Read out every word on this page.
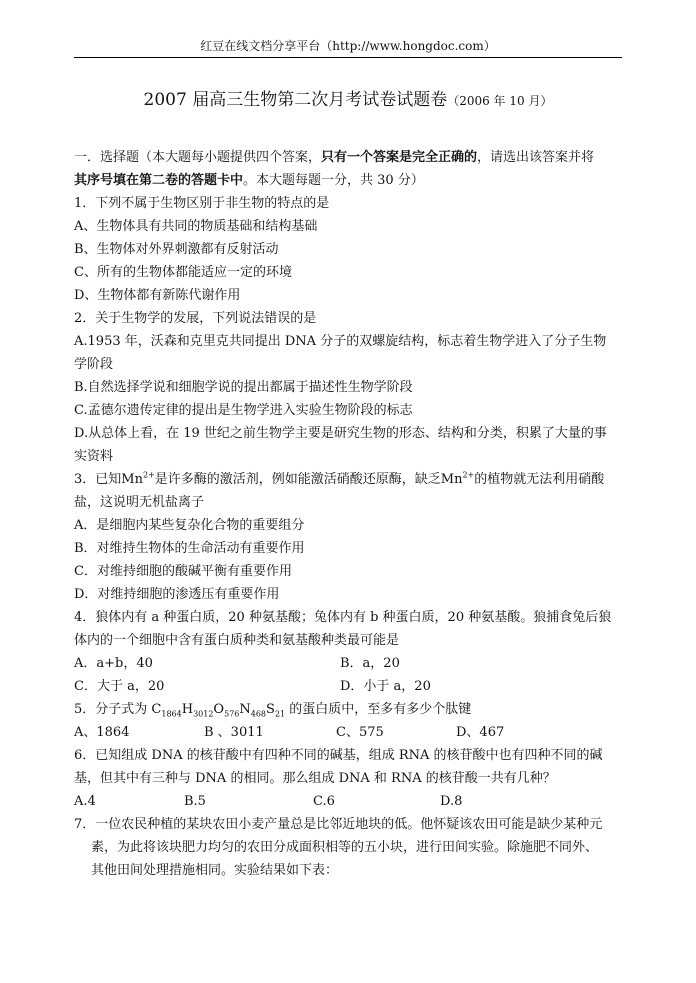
红豆在线文档分享平台（http://www.hongdoc.com）
2007 届高三生物第二次月考试卷试题卷（2006 年 10 月）
一．选择题（本大题每小题提供四个答案，只有一个答案是完全正确的，请选出该答案并将
其序号填在第二卷的答题卡中。本大题每题一分，共 30 分）
1．下列不属于生物区别于非生物的特点的是
A、生物体具有共同的物质基础和结构基础
B、生物体对外界刺激都有反射活动
C、所有的生物体都能适应一定的环境
D、生物体都有新陈代谢作用
2．关于生物学的发展，下列说法错误的是
A.1953 年，沃森和克里克共同提出 DNA 分子的双螺旋结构，标志着生物学进入了分子生物
学阶段
B.自然选择学说和细胞学说的提出都属于描述性生物学阶段
C.孟德尔遗传定律的提出是生物学进入实验生物阶段的标志
D.从总体上看，在 19 世纪之前生物学主要是研究生物的形态、结构和分类，积累了大量的事
实资料
3．已知$Mn^{2+}$是许多酶的激活剂，例如能激活硝酸还原酶，缺乏$Mn^{2+}$的植物就无法利用硝酸
盐，这说明无机盐离子
A．是细胞内某些复杂化合物的重要组分
B．对维持生物体的生命活动有重要作用
C．对维持细胞的酸碱平衡有重要作用
D．对维持细胞的渗透压有重要作用
4．狼体内有 a 种蛋白质，20 种氨基酸；兔体内有 b 种蛋白质，20 种氨基酸。狼捕食兔后狼
体内的一个细胞中含有蛋白质种类和氨基酸种类最可能是
A．a+b，40	B．a，20
C．大于 a，20	D．小于 a，20
5．分子式为 $C_{1864}H_{3012}O_{576}N_{468}S_{21}$ 的蛋白质中，至多有多少个肽键
A、1864	B 、3011	C、575	D、467
6．已知组成 DNA 的核苷酸中有四种不同的碱基，组成 RNA 的核苷酸中也有四种不同的碱
基，但其中有三种与 DNA 的相同。那么组成 DNA 和 RNA 的核苷酸一共有几种？
A.4	B.5	C.6	D.8
7．一位农民种植的某块农田小麦产量总是比邻近地块的低。他怀疑该农田可能是缺少某种元
素，为此将该块肥力均匀的农田分成面积相等的五小块，进行田间实验。除施肥不同外、
其他田间处理措施相同。实验结果如下表：
